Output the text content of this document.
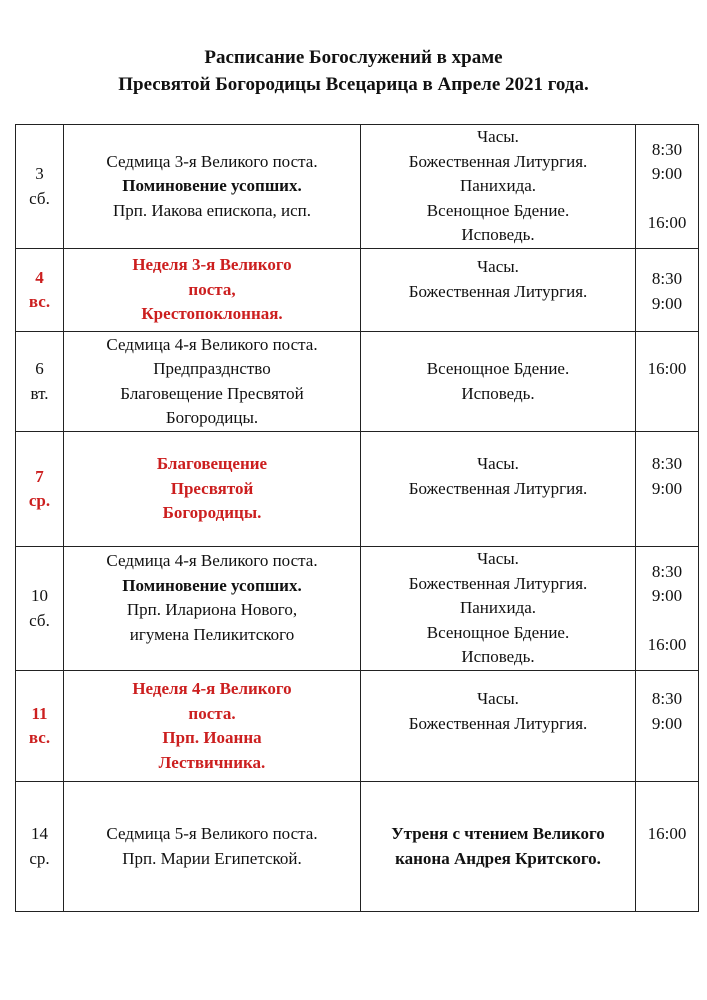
Расписание Богослужений в храме
Пресвятой Богородицы Всецарица в Апреле 2021 года.
3
сб.	Седмица 3-я Великого поста.
Поминовение усопших.
Прп. Иакова епископа, исп.	Часы.
Божественная Литургия.
Панихида.
Всенощное Бдение.
Исповедь.	8:30
9:00
16:00

4
вс.	Неделя 3-я Великого
поста,
Крестопоклонная.	Часы.
Божественная Литургия.	8:30
9:00

6
вт.	Седмица 4-я Великого поста.
Предпразднство
Благовещение Пресвятой
Богородицы.	Всенощное Бдение.
Исповедь.	16:00

7
ср.	Благовещение
Пресвятой
Богородицы.	Часы.
Божественная Литургия.	8:30
9:00

10
сб.	Седмица 4-я Великого поста.
Поминовение усопших.
Прп. Илариона Нового,
игумена Пеликитского	Часы.
Божественная Литургия.
Панихида.
Всенощное Бдение.
Исповедь.	8:30
9:00
16:00

11
вс.	Неделя 4-я Великого
поста.
Прп. Иоанна
Лествичника.	Часы.
Божественная Литургия.	8:30
9:00

14
ср.	Седмица 5-я Великого поста.
Прп. Марии Египетской.	Утреня с чтением Великого
канона Андрея Критского.	16:00
